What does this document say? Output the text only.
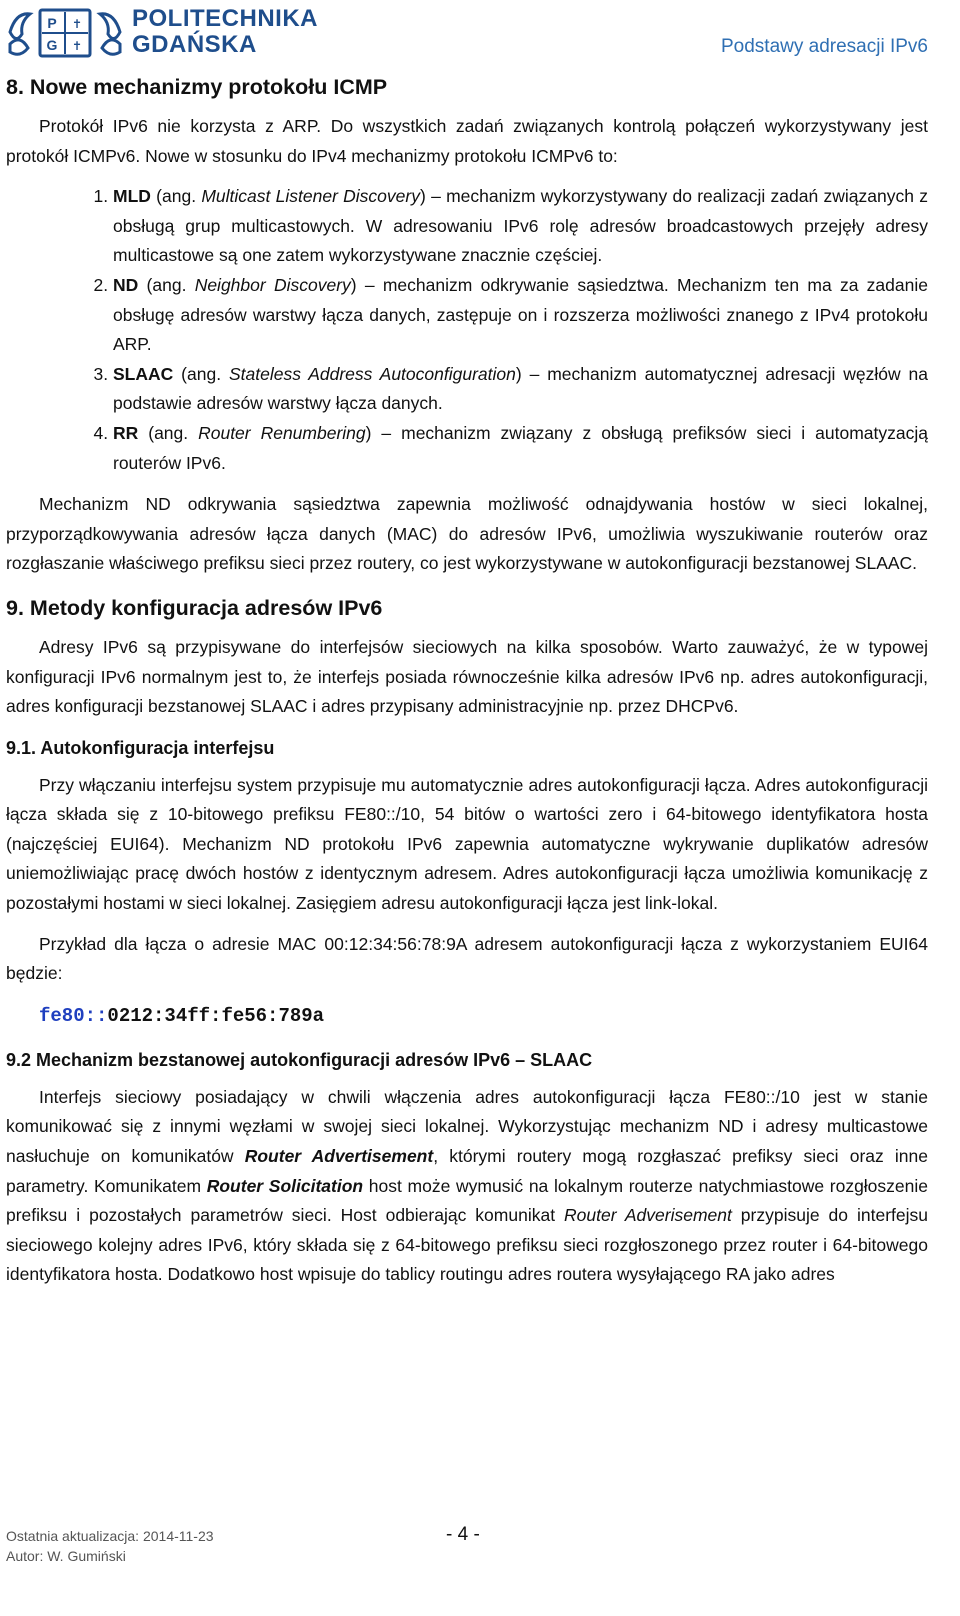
P
G ✝
✝ POLITECHNIKA
GDAŃSKA	Podstawy adresacji IPv6
8. Nowe mechanizmy protokołu ICMP

Protokół IPv6 nie korzysta z ARP. Do wszystkich zadań związanych kontrolą połączeń wykorzystywany jest protokół ICMPv6. Nowe w stosunku do IPv4 mechanizmy protokołu ICMPv6 to:

1. MLD (ang. Multicast Listener Discovery) – mechanizm wykorzystywany do realizacji zadań związanych z obsługą grup multicastowych. W adresowaniu IPv6 rolę adresów broadcastowych przejęły adresy multicastowe są one zatem wykorzystywane znacznie częściej.
2. ND (ang. Neighbor Discovery) – mechanizm odkrywanie sąsiedztwa. Mechanizm ten ma za zadanie obsługę adresów warstwy łącza danych, zastępuje on i rozszerza możliwości znanego z IPv4 protokołu ARP.
3. SLAAC (ang. Stateless Address Autoconfiguration) – mechanizm automatycznej adresacji węzłów na podstawie adresów warstwy łącza danych.
4. RR (ang. Router Renumbering) – mechanizm związany z obsługą prefiksów sieci i automatyzacją routerów IPv6.

Mechanizm ND odkrywania sąsiedztwa zapewnia możliwość odnajdywania hostów w sieci lokalnej, przyporządkowywania adresów łącza danych (MAC) do adresów IPv6, umożliwia wyszukiwanie routerów oraz rozgłaszanie właściwego prefiksu sieci przez routery, co jest wykorzystywane w autokonfiguracji bezstanowej SLAAC.

9. Metody konfiguracja adresów IPv6

Adresy IPv6 są przypisywane do interfejsów sieciowych na kilka sposobów. Warto zauważyć, że w typowej konfiguracji IPv6 normalnym jest to, że interfejs posiada równocześnie kilka adresów IPv6 np. adres autokonfiguracji, adres konfiguracji bezstanowej SLAAC i adres przypisany administracyjnie np. przez DHCPv6.

9.1. Autokonfiguracja interfejsu

Przy włączaniu interfejsu system przypisuje mu automatycznie adres autokonfiguracji łącza. Adres autokonfiguracji łącza składa się z 10-bitowego prefiksu FE80::/10, 54 bitów o wartości zero i 64-bitowego identyfikatora hosta (najczęściej EUI64). Mechanizm ND protokołu IPv6 zapewnia automatyczne wykrywanie duplikatów adresów uniemożliwiając pracę dwóch hostów z identycznym adresem. Adres autokonfiguracji łącza umożliwia komunikację z pozostałymi hostami w sieci lokalnej. Zasięgiem adresu autokonfiguracji łącza jest link-lokal.

Przykład dla łącza o adresie MAC 00:12:34:56:78:9A adresem autokonfiguracji łącza z wykorzystaniem EUI64 będzie:

fe80::0212:34ff:fe56:789a
9.2 Mechanizm bezstanowej autokonfiguracji adresów IPv6 – SLAAC

Interfejs sieciowy posiadający w chwili włączenia adres autokonfiguracji łącza FE80::/10 jest w stanie komunikować się z innymi węzłami w swojej sieci lokalnej. Wykorzystując mechanizm ND i adresy multicastowe nasłuchuje on komunikatów Router Advertisement, którymi routery mogą rozgłaszać prefiksy sieci oraz inne parametry. Komunikatem Router Solicitation host może wymusić na lokalnym routerze natychmiastowe rozgłoszenie prefiksu i pozostałych parametrów sieci. Host odbierając komunikat Router Adverisement przypisuje do interfejsu sieciowego kolejny adres IPv6, który składa się z 64-bitowego prefiksu sieci rozgłoszonego przez router i 64-bitowego identyfikatora hosta. Dodatkowo host wpisuje do tablicy routingu adres routera wysyłającego RA jako adres

Ostatnia aktualizacja: 2014-11-23
Autor: W. Gumiński
- 4 -
